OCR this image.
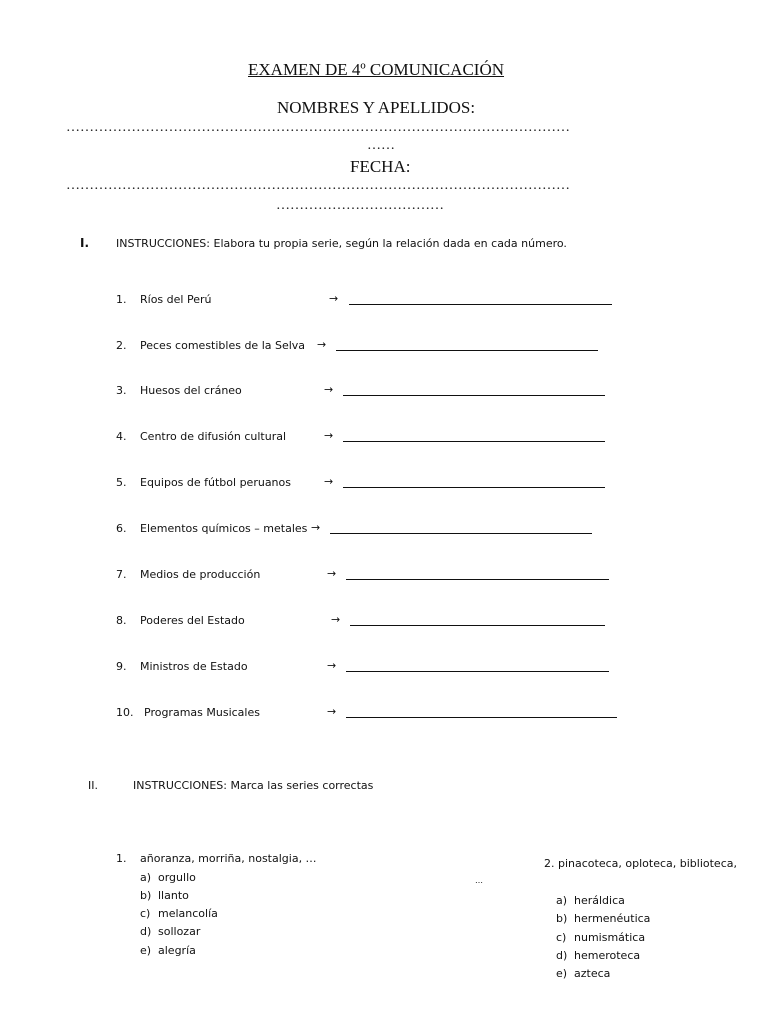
EXAMEN DE 4º COMUNICACIÓN
NOMBRES Y APELLIDOS:
………………………………………………………………………………………………
……
FECHA:
………………………………………………………………………………………………
………………………………
I. INSTRUCCIONES: Elabora tu propia serie, según la relación dada en cada número.
1. Ríos del Perú	→
2. Peces comestibles de la Selva →
3. Huesos del cráneo	→
4. Centro de difusión cultural	→
5. Equipos de fútbol peruanos	→
6. Elementos químicos – metales →
7. Medios de producción	→
8. Poderes del Estado	→
9. Ministros de Estado	→
10. Programas Musicales	→
II.	INSTRUCCIONES: Marca las series correctas
1. añoranza, morriña, nostalgia, …
a) orgullo
b) llanto
c) melancolía
d) sollozar
e) alegría
…
2. pinacoteca, oploteca, biblioteca,
a) heráldica
b) hermenéutica
c) numismática
d) hemeroteca
e) azteca
